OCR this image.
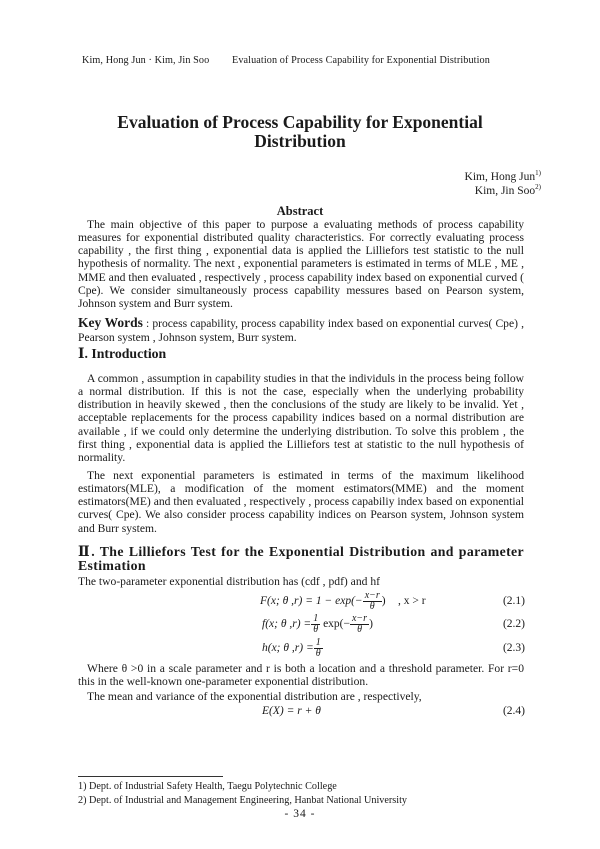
Kim, Hong Jun · Kim, Jin Soo Evaluation of Process Capability for Exponential Distribution
Evaluation of Process Capability for Exponential
Distribution
Kim, Hong Jun$^{1)}$
Kim, Jin Soo$^{2)}$
Abstract
The main objective of this paper to purpose a evaluating methods of process capability measures for exponential distributed quality characteristics. For correctly evaluating process capability , the first thing , exponential data is applied the Lilliefors test statistic to the null hypothesis of normality. The next , exponential parameters is estimated in terms of MLE , ME , MME and then evaluated , respectively , process capability index based on exponential curved ( Cpe). We consider simultaneously process capability messures based on Pearson system, Johnson system and Burr system.
Key Words : process capability, process capability index based on exponential curves( Cpe) , Pearson system , Johnson system, Burr system.
Ⅰ. Introduction
A common , assumption in capability studies in that the individuls in the process being follow a normal distribution. If this is not the case, especially when the underlying probability distribution in heavily skewed , then the conclusions of the study are likely to be invalid. Yet , acceptable replacements for the process capability indices based on a normal distribution are available , if we could only determine the underlying distribution. To solve this problem , the first thing , exponential data is applied the Lilliefors test at statistic to the null hypothesis of normality.
The next exponential parameters is estimated in terms of the maximum likelihood estimators(MLE), a modification of the moment estimators(MME) and the moment estimators(ME) and then evaluated , respectively , process capabiliy index based on exponential curves( Cpe). We also consider process capability indices on Pearson system, Johnson system and Burr system.
Ⅱ. The Lilliefors Test for the Exponential Distribution and parameter Estimation
The two-parameter exponential distribution has (cdf , pdf) and hf
F(x; θ $,r) = 1 - \exp(- \frac{x-r}{\theta}$ ) , x > r	(2.1)
f(x; θ $,r) = \frac{1}{\theta} \exp(- \frac{x-r}{\theta}$ )	(2.2)
h(x; θ $,r) = \frac{1}{\theta}$	(2.3)
Where θ >0 in a scale parameter and r is both a location and a threshold parameter. For r=0 this in the well-known one-parameter exponential distribution.
The mean and variance of the exponential distribution are , respectively,
E(X) = r + θ	(2.4)
1) Dept. of Industrial Safety Health, Taegu Polytechnic College
2) Dept. of Industrial and Management Engineering, Hanbat National University
- 34 -
